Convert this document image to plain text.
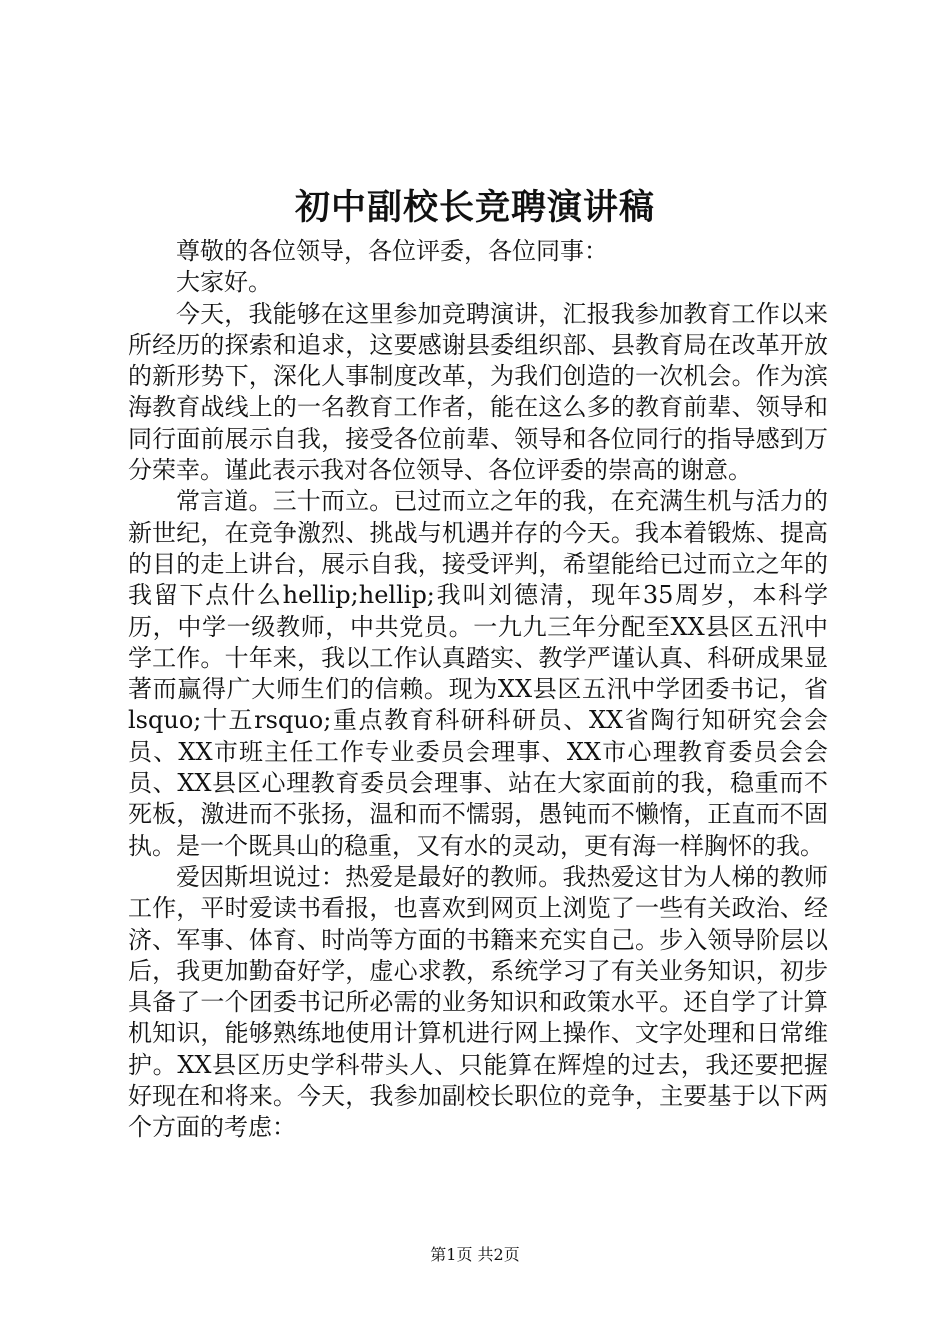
初中副校长竞聘演讲稿

尊敬的各位领导，各位评委，各位同事：

大家好。

今天，我能够在这里参加竞聘演讲，汇报我参加教育工作以来所经历的探索和追求，这要感谢县委组织部、县教育局在改革开放的新形势下，深化人事制度改革，为我们创造的一次机会。作为滨海教育战线上的一名教育工作者，能在这么多的教育前辈、领导和同行面前展示自我，接受各位前辈、领导和各位同行的指导感到万分荣幸。谨此表示我对各位领导、各位评委的崇高的谢意。

常言道。三十而立。已过而立之年的我，在充满生机与活力的新世纪，在竞争激烈、挑战与机遇并存的今天。我本着锻炼、提高的目的走上讲台，展示自我，接受评判，希望能给已过而立之年的我留下点什么hellip;hellip;我叫刘德清，现年35周岁，本科学历，中学一级教师，中共党员。一九九三年分配至XX县区五汛中学工作。十年来，我以工作认真踏实、教学严谨认真、科研成果显著而赢得广大师生们的信赖。现为XX县区五汛中学团委书记，省lsquo;十五rsquo;重点教育科研科研员、XX省陶行知研究会会员、XX市班主任工作专业委员会理事、XX市心理教育委员会会员、XX县区心理教育委员会理事、站在大家面前的我，稳重而不死板，激进而不张扬，温和而不懦弱，愚钝而不懒惰，正直而不固执。是一个既具山的稳重，又有水的灵动，更有海一样胸怀的我。

爱因斯坦说过：热爱是最好的教师。我热爱这甘为人梯的教师工作，平时爱读书看报，也喜欢到网页上浏览了一些有关政治、经济、军事、体育、时尚等方面的书籍来充实自己。步入领导阶层以后，我更加勤奋好学，虚心求教，系统学习了有关业务知识，初步具备了一个团委书记所必需的业务知识和政策水平。还自学了计算机知识，能够熟练地使用计算机进行网上操作、文字处理和日常维护。XX县区历史学科带头人、只能算在辉煌的过去，我还要把握好现在和将来。今天，我参加副校长职位的竞争，主要基于以下两个方面的考虑：

第1页 共2页
